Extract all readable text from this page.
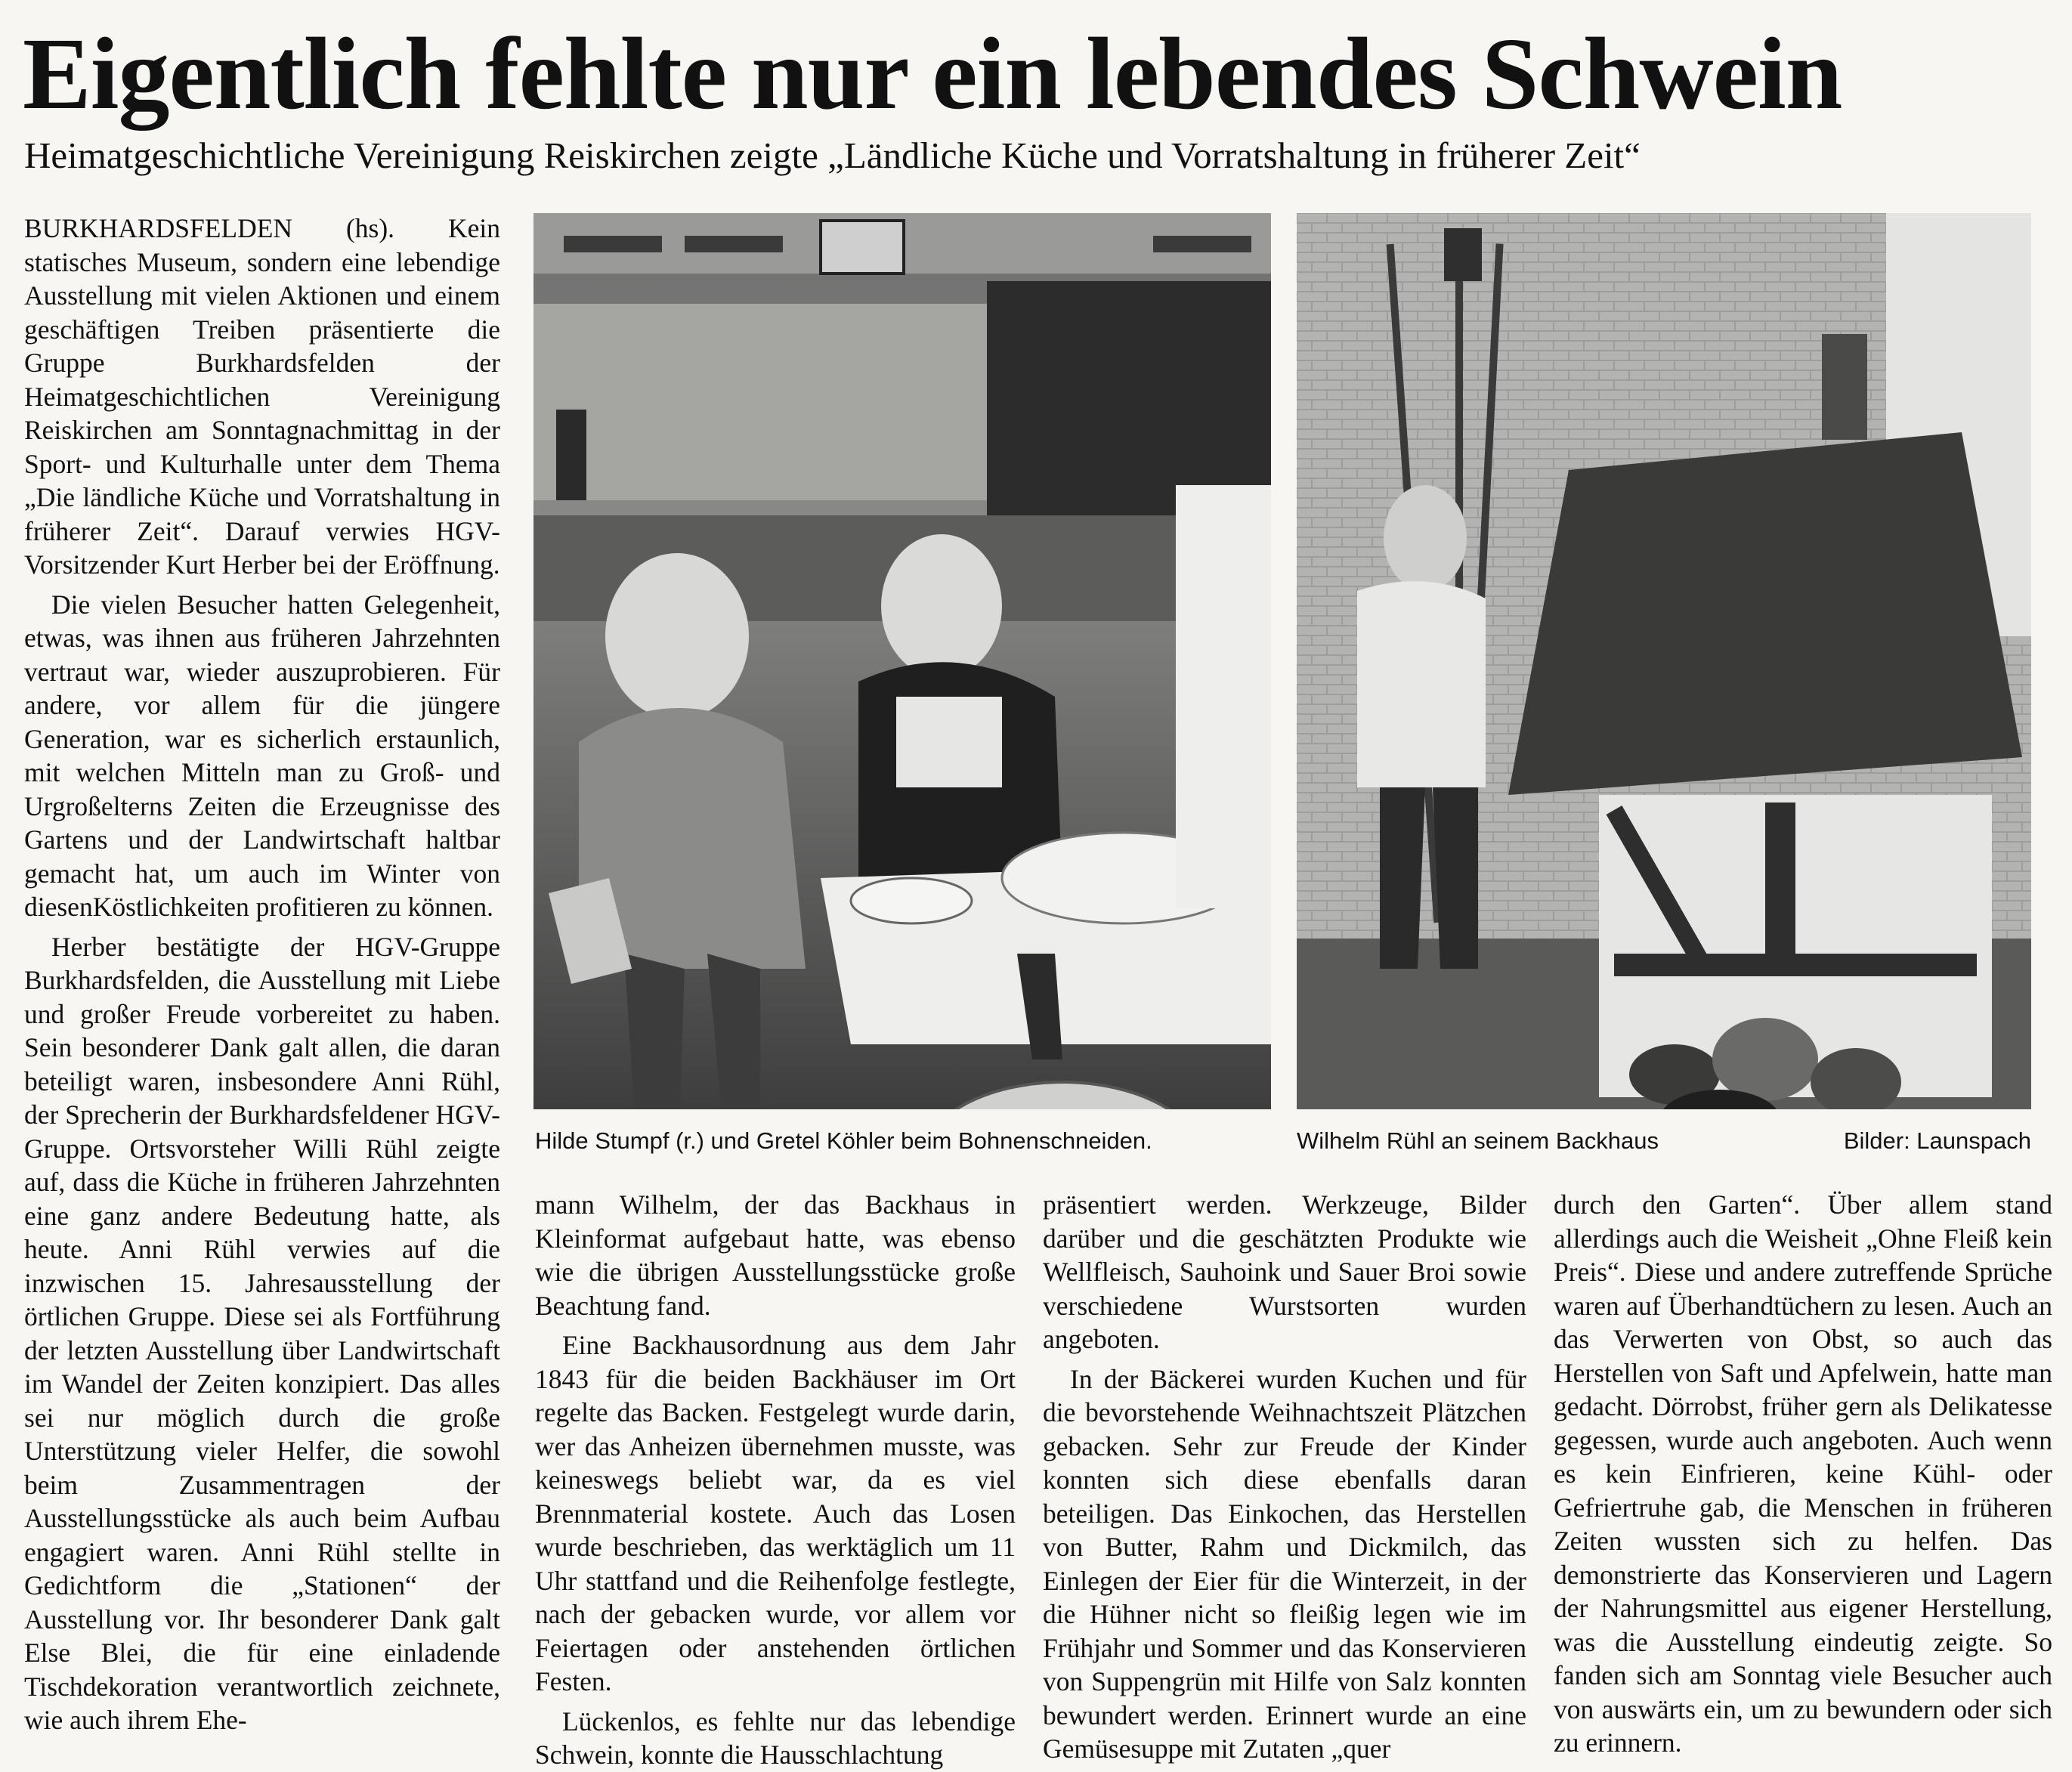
Eigentlich fehlte nur ein lebendes Schwein
Heimatgeschichtliche Vereinigung Reiskirchen zeigte „Ländliche Küche und Vorratshaltung in früherer Zeit“

BURKHARDSFELDEN (hs). Kein statisches Museum, sondern eine lebendige Ausstellung mit vielen Aktionen und einem geschäftigen Treiben präsentierte die Gruppe Burkhardsfelden der Heimatgeschichtlichen Vereinigung Reiskirchen am Sonntagnachmittag in der Sport- und Kulturhalle unter dem Thema „Die ländliche Küche und Vorratshaltung in früherer Zeit“. Darauf verwies HGV-Vorsitzender Kurt Herber bei der Eröffnung.

Die vielen Besucher hatten Gelegenheit, etwas, was ihnen aus früheren Jahrzehnten vertraut war, wieder auszuprobieren. Für andere, vor allem für die jüngere Generation, war es sicherlich erstaunlich, mit welchen Mitteln man zu Groß- und Urgroßelterns Zeiten die Erzeugnisse des Gartens und der Landwirtschaft haltbar gemacht hat, um auch im Winter von diesenKöstlichkeiten profitieren zu können.

Herber bestätigte der HGV-Gruppe Burkhardsfelden, die Ausstellung mit Liebe und großer Freude vorbereitet zu haben. Sein besonderer Dank galt allen, die daran beteiligt waren, insbesondere Anni Rühl, der Sprecherin der Burkhardsfeldener HGV-Gruppe. Ortsvorsteher Willi Rühl zeigte auf, dass die Küche in früheren Jahrzehnten eine ganz andere Bedeutung hatte, als heute. Anni Rühl verwies auf die inzwischen 15. Jahresausstellung der örtlichen Gruppe. Diese sei als Fortführung der letzten Ausstellung über Landwirtschaft im Wandel der Zeiten konzipiert. Das alles sei nur möglich durch die große Unterstützung vieler Helfer, die sowohl beim Zusammentragen der Ausstellungsstücke als auch beim Aufbau engagiert waren. Anni Rühl stellte in Gedichtform die „Stationen“ der Ausstellung vor. Ihr besonderer Dank galt Else Blei, die für eine einladende Tischdekoration verantwortlich zeichnete, wie auch ihrem Ehe-

Hilde Stumpf (r.) und Gretel Köhler beim Bohnenschneiden.	Wilhelm Rühl an seinem Backhaus	Bilder: Launspach

mann Wilhelm, der das Backhaus in Kleinformat aufgebaut hatte, was ebenso wie die übrigen Ausstellungsstücke große Beachtung fand.

Eine Backhausordnung aus dem Jahr 1843 für die beiden Backhäuser im Ort regelte das Backen. Festgelegt wurde darin, wer das Anheizen übernehmen musste, was keineswegs beliebt war, da es viel Brennmaterial kostete. Auch das Losen wurde beschrieben, das werktäglich um 11 Uhr stattfand und die Reihenfolge festlegte, nach der gebacken wurde, vor allem vor Feiertagen oder anstehenden örtlichen Festen.

Lückenlos, es fehlte nur das lebendige Schwein, konnte die Hausschlachtung

präsentiert werden. Werkzeuge, Bilder darüber und die geschätzten Produkte wie Wellfleisch, Sauhoink und Sauer Broi sowie verschiedene Wurstsorten wurden angeboten.

In der Bäckerei wurden Kuchen und für die bevorstehende Weihnachtszeit Plätzchen gebacken. Sehr zur Freude der Kinder konnten sich diese ebenfalls daran beteiligen. Das Einkochen, das Herstellen von Butter, Rahm und Dickmilch, das Einlegen der Eier für die Winterzeit, in der die Hühner nicht so fleißig legen wie im Frühjahr und Sommer und das Konservieren von Suppengrün mit Hilfe von Salz konnten bewundert werden. Erinnert wurde an eine Gemüsesuppe mit Zutaten „quer

durch den Garten“. Über allem stand allerdings auch die Weisheit „Ohne Fleiß kein Preis“. Diese und andere zutreffende Sprüche waren auf Überhandtüchern zu lesen. Auch an das Verwerten von Obst, so auch das Herstellen von Saft und Apfelwein, hatte man gedacht. Dörrobst, früher gern als Delikatesse gegessen, wurde auch angeboten. Auch wenn es kein Einfrieren, keine Kühl- oder Gefriertruhe gab, die Menschen in früheren Zeiten wussten sich zu helfen. Das demonstrierte das Konservieren und Lagern der Nahrungsmittel aus eigener Herstellung, was die Ausstellung eindeutig zeigte. So fanden sich am Sonntag viele Besucher auch von auswärts ein, um zu bewundern oder sich zu erinnern.
